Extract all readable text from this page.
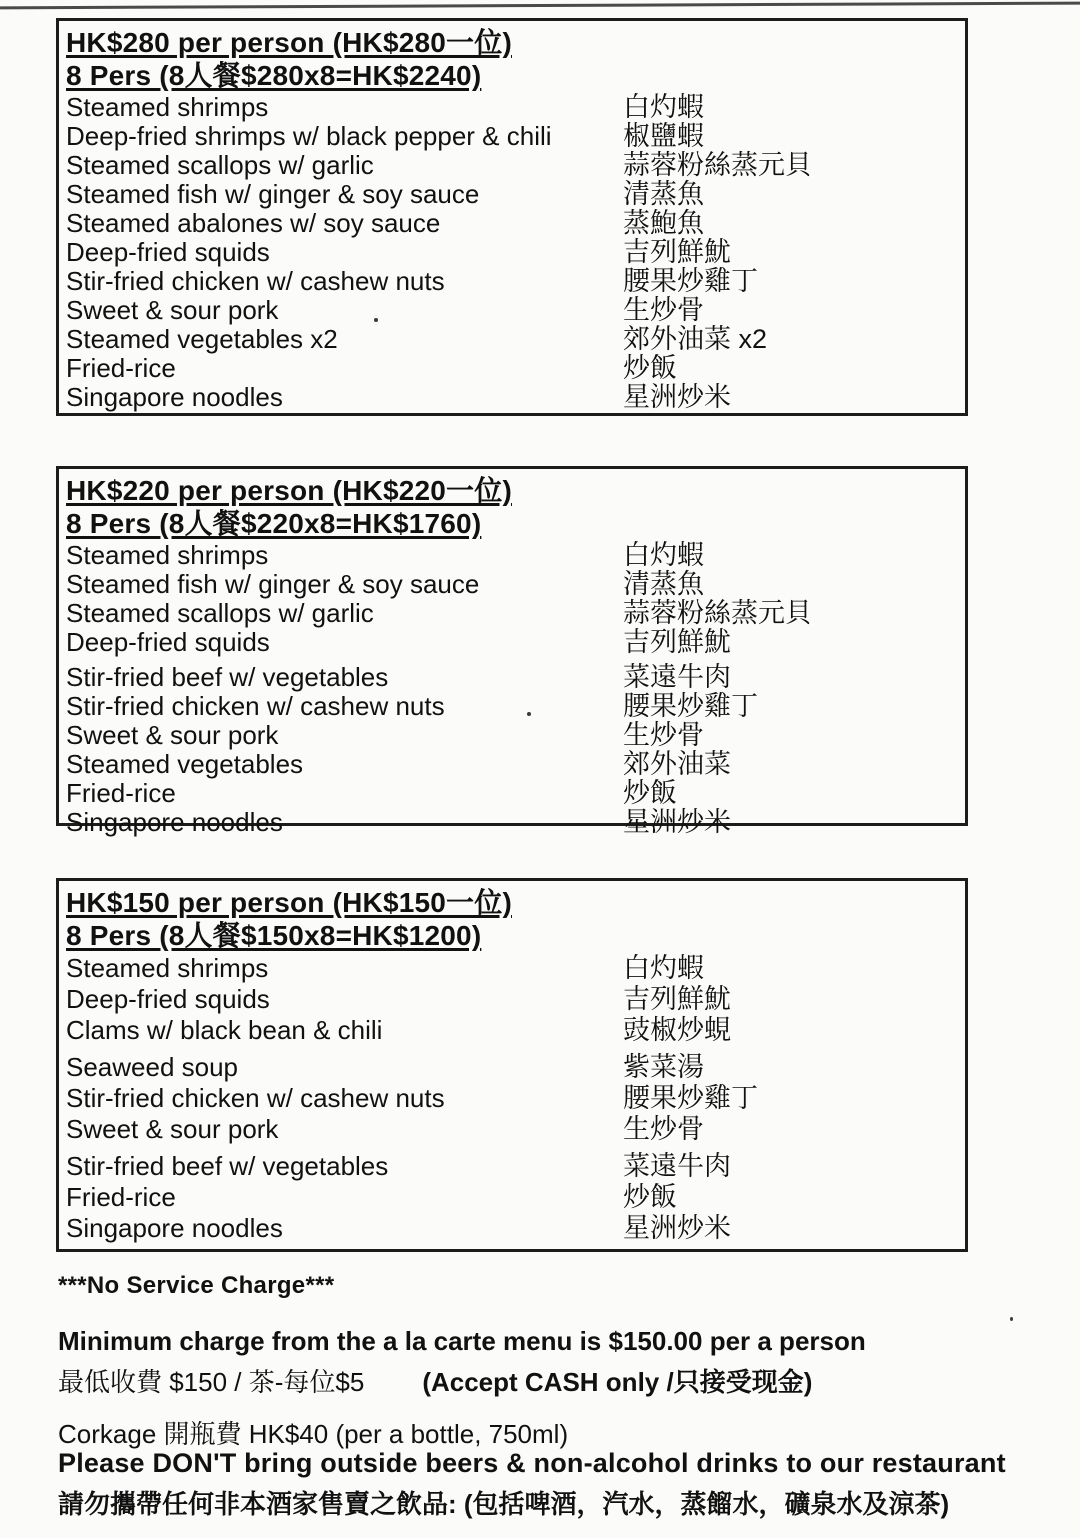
HK$280 per person (HK$280一位)
8 Pers (8人餐$280x8=HK$2240)
Steamed shrimps	白灼蝦
Deep-fried shrimps w/ black pepper & chili	椒鹽蝦
Steamed scallops w/ garlic	蒜蓉粉絲蒸元貝
Steamed fish w/ ginger & soy sauce	清蒸魚
Steamed abalones w/ soy sauce	蒸鮑魚
Deep-fried squids	吉列鮮魷
Stir-fried chicken w/ cashew nuts	腰果炒雞丁
Sweet & sour pork	生炒骨
Steamed vegetables x2	郊外油菜 x2
Fried-rice	炒飯
Singapore noodles	星洲炒米
HK$220 per person (HK$220一位)
8 Pers (8人餐$220x8=HK$1760)
Steamed shrimps	白灼蝦
Steamed fish w/ ginger & soy sauce	清蒸魚
Steamed scallops w/ garlic	蒜蓉粉絲蒸元貝
Deep-fried squids	吉列鮮魷
Stir-fried beef w/ vegetables	菜遠牛肉
Stir-fried chicken w/ cashew nuts	腰果炒雞丁
Sweet & sour pork	生炒骨
Steamed vegetables	郊外油菜
Fried-rice	炒飯
Singapore noodles	星洲炒米
HK$150 per person (HK$150一位)
8 Pers (8人餐$150x8=HK$1200)
Steamed shrimps	白灼蝦
Deep-fried squids	吉列鮮魷
Clams w/ black bean & chili	豉椒炒蜆
Seaweed soup	紫菜湯
Stir-fried chicken w/ cashew nuts	腰果炒雞丁
Sweet & sour pork	生炒骨
Stir-fried beef w/ vegetables	菜遠牛肉
Fried-rice	炒飯
Singapore noodles	星洲炒米
***No Service Charge***
Minimum charge from the a la carte menu is $150.00 per a person
最低收費 $150 / 茶-每位$5 (Accept CASH only /只接受现金)
Corkage 開瓶費 HK$40 (per a bottle, 750ml)
Please DON'T bring outside beers & non-alcohol drinks to our restaurant
請勿攜帶任何非本酒家售賣之飲品: (包括啤酒，汽水，蒸餾水，礦泉水及涼茶)
